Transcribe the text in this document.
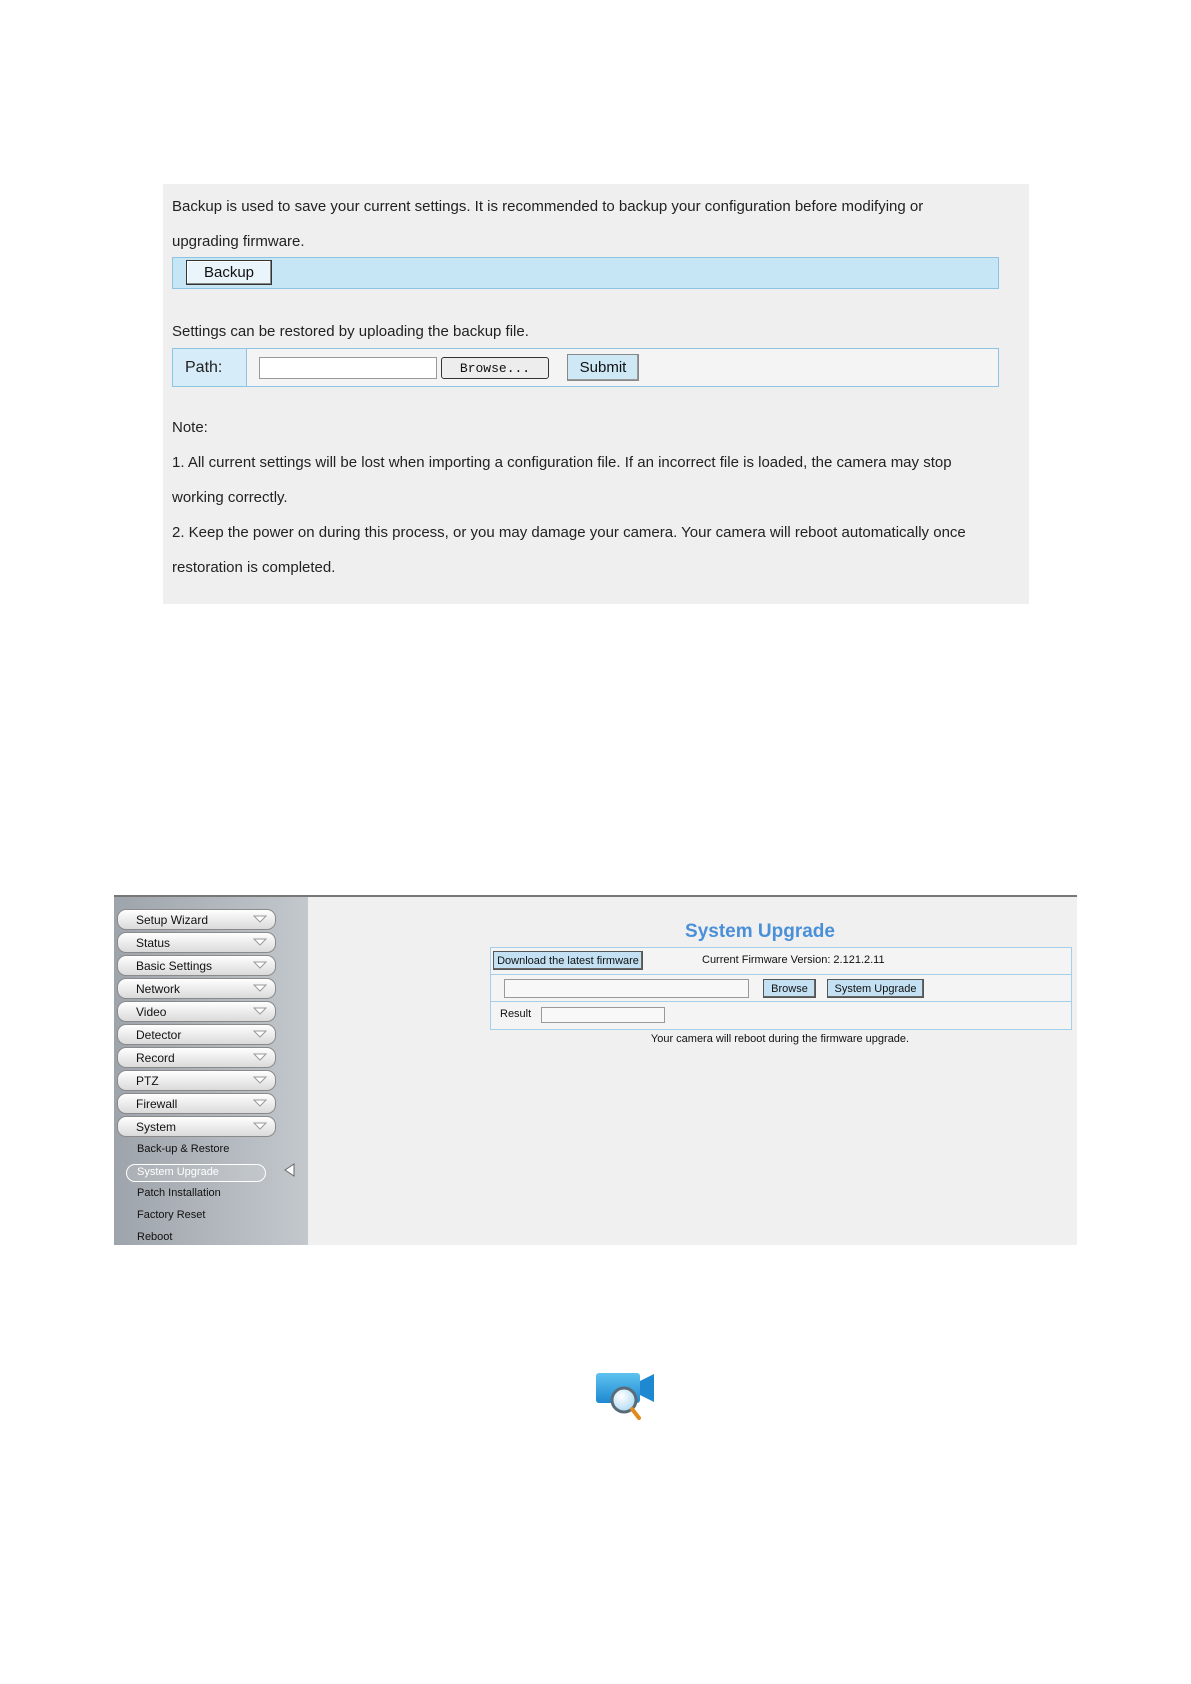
Backup is used to save your current settings. It is recommended to backup your configuration before modifying or
upgrading firmware.
Backup
Settings can be restored by uploading the backup file.
Path:	Browse...	Submit
Note:
1. All current settings will be lost when importing a configuration file. If an incorrect file is loaded, the camera may stop
working correctly.
2. Keep the power on during this process, or you may damage your camera. Your camera will reboot automatically once
restoration is completed.
Setup Wizard
Status
Basic Settings
Network
Video
Detector
Record
PTZ
Firewall
System
Back-up & Restore
System Upgrade
Patch Installation
Factory Reset
Reboot
System Upgrade
Download the latest firmware	Current Firmware Version: 2.121.2.11
Browse	System Upgrade
Result
Your camera will reboot during the firmware upgrade.
